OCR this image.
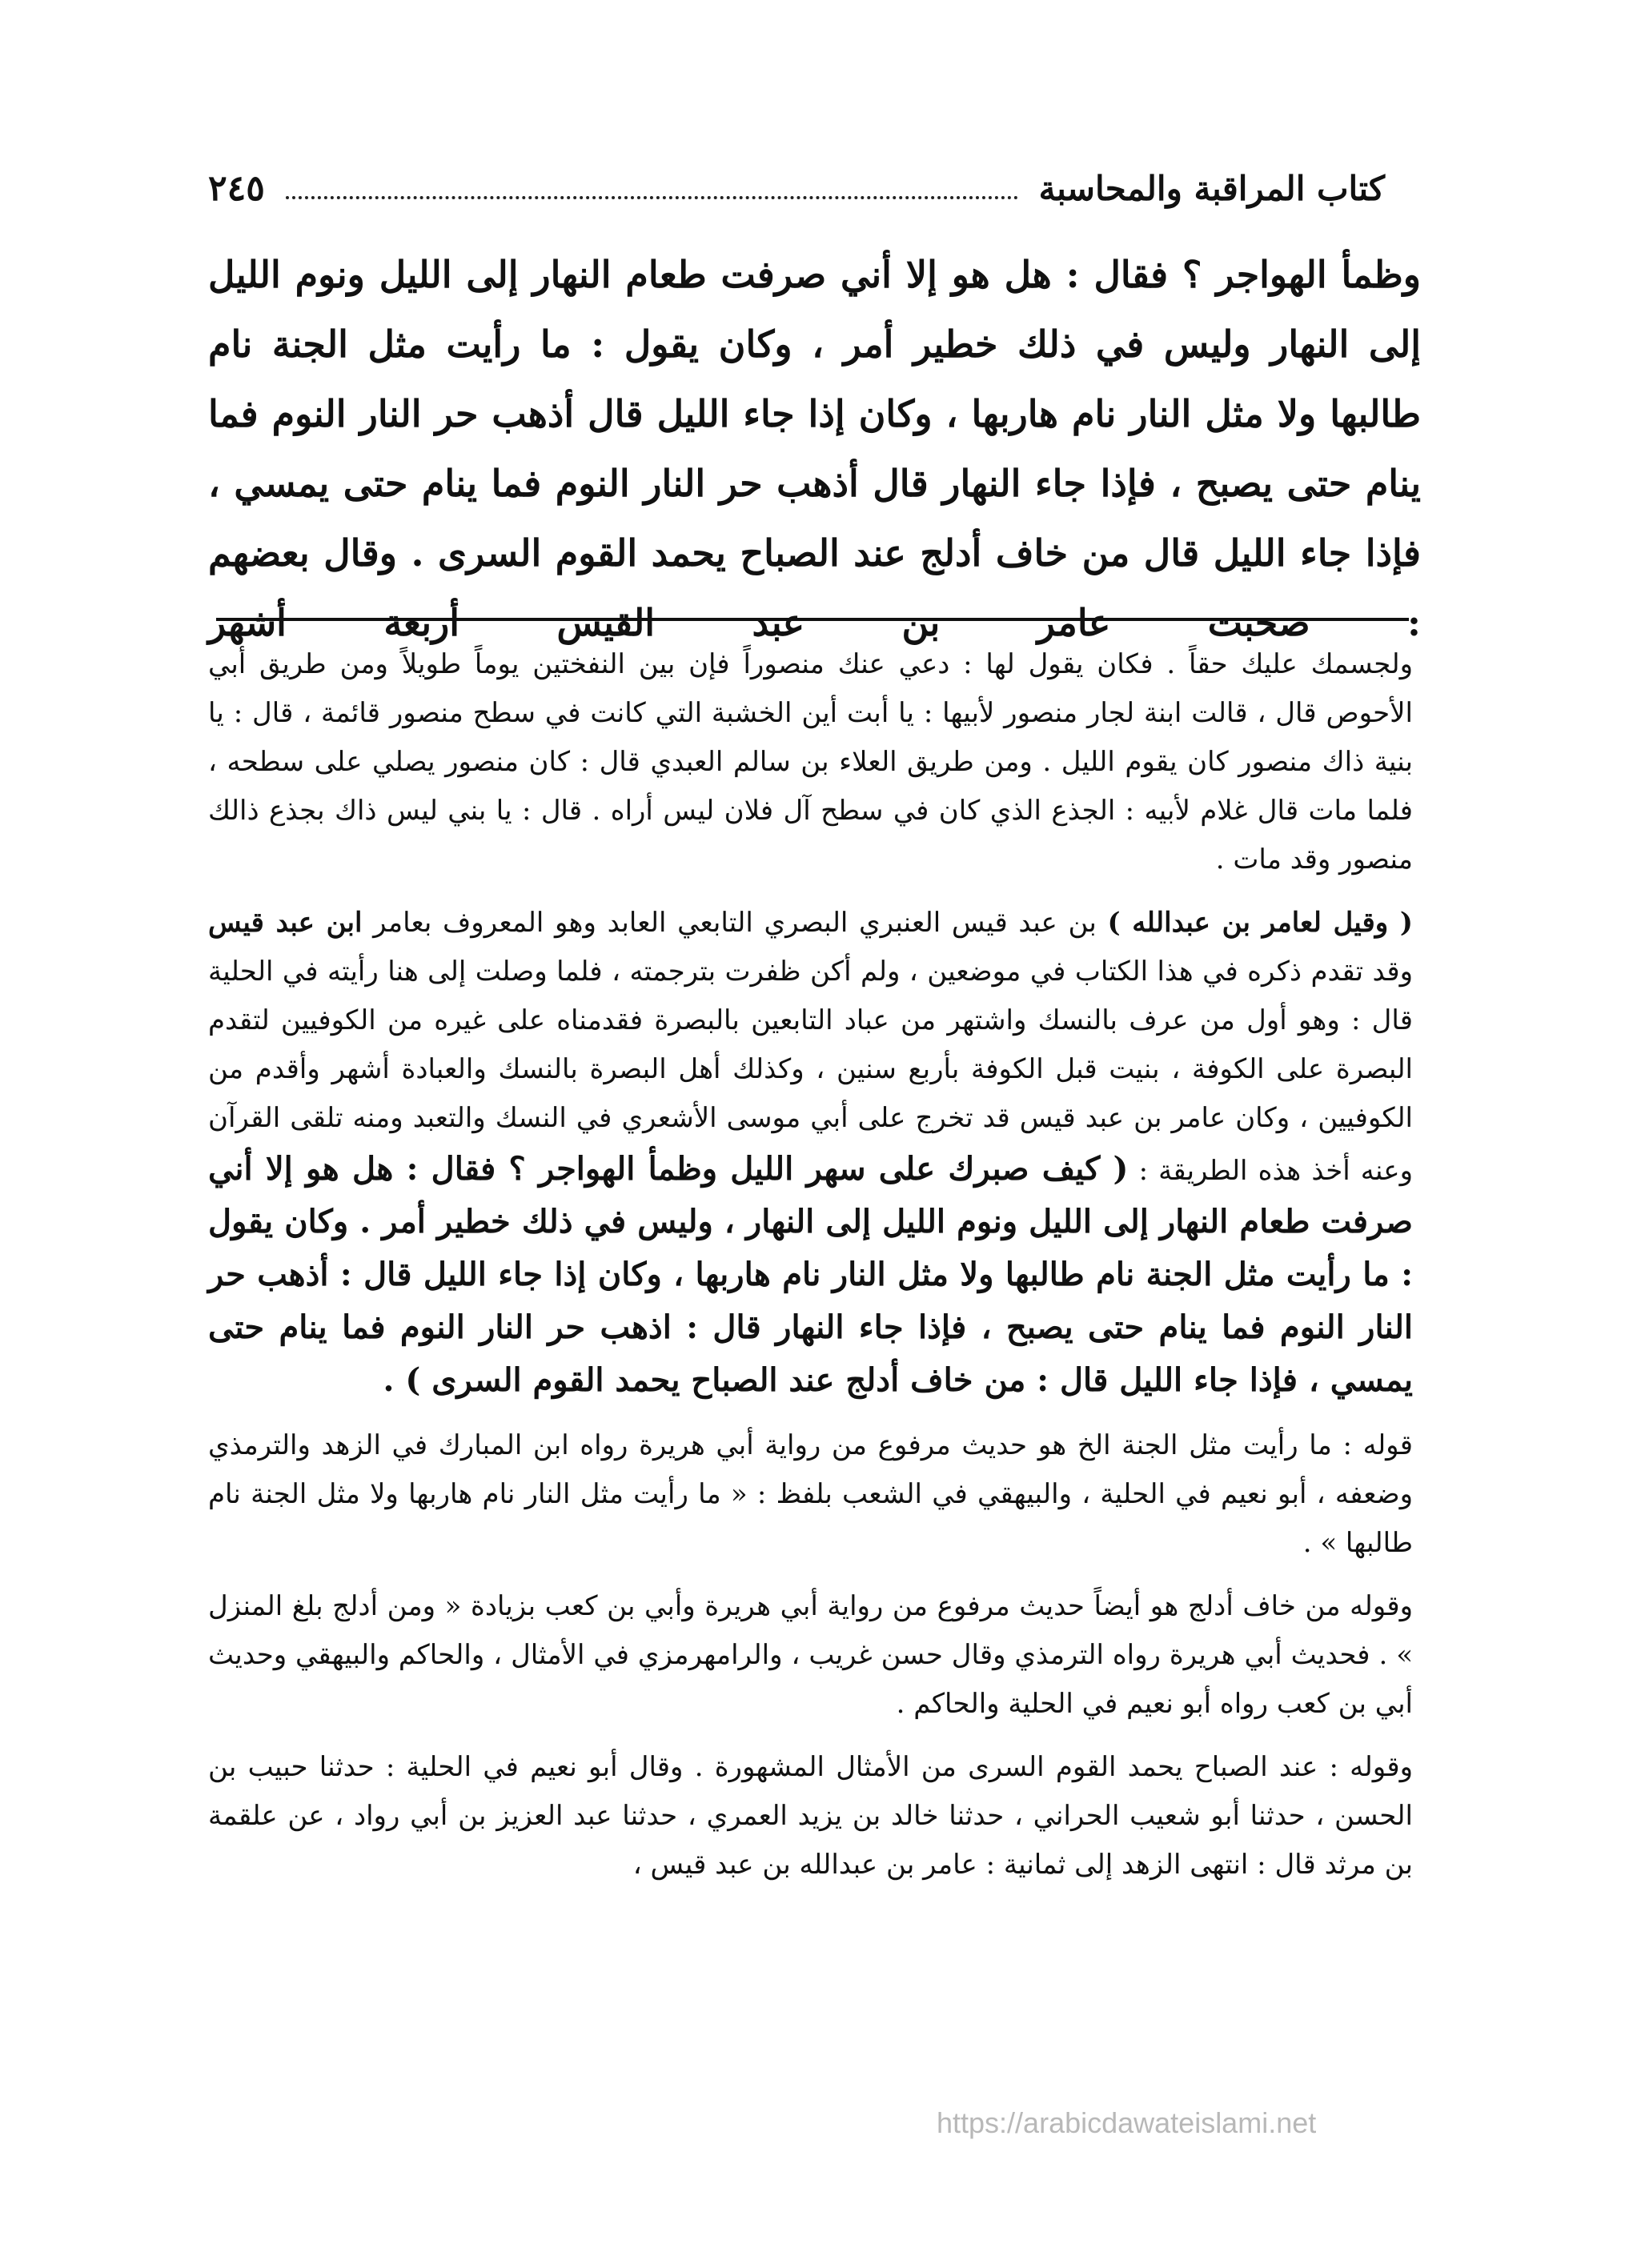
كتاب المراقبة والمحاسبة
٢٤٥

وظمأ الهواجر ؟ فقال : هل هو إلا أني صرفت طعام النهار إلى الليل ونوم الليل إلى النهار وليس في ذلك خطير أمر ، وكان يقول : ما رأيت مثل الجنة نام طالبها ولا مثل النار نام هاربها ، وكان إذا جاء الليل قال أذهب حر النار النوم فما ينام حتى يصبح ، فإذا جاء النهار قال أذهب حر النار النوم فما ينام حتى يمسي ، فإذا جاء الليل قال من خاف أدلج عند الصباح يحمد القوم السرى . وقال بعضهم : صحبت عامر بن عبد القيس أربعة أشهر

ولجسمك عليك حقاً . فكان يقول لها : دعي عنك منصوراً فإن بين النفختين يوماً طويلاً ومن طريق أبي الأحوص قال ، قالت ابنة لجار منصور لأبيها : يا أبت أين الخشبة التي كانت في سطح منصور قائمة ، قال : يا بنية ذاك منصور كان يقوم الليل . ومن طريق العلاء بن سالم العبدي قال : كان منصور يصلي على سطحه ، فلما مات قال غلام لأبيه : الجذع الذي كان في سطح آل فلان ليس أراه . قال : يا بني ليس ذاك بجذع ذالك منصور وقد مات .

( وقيل لعامر بن عبدالله ) بن عبد قيس العنبري البصري التابعي العابد وهو المعروف بعامر ابن عبد قيس وقد تقدم ذكره في هذا الكتاب في موضعين ، ولم أكن ظفرت بترجمته ، فلما وصلت إلى هنا رأيته في الحلية قال : وهو أول من عرف بالنسك واشتهر من عباد التابعين بالبصرة فقدمناه على غيره من الكوفيين لتقدم البصرة على الكوفة ، بنيت قبل الكوفة بأربع سنين ، وكذلك أهل البصرة بالنسك والعبادة أشهر وأقدم من الكوفيين ، وكان عامر بن عبد قيس قد تخرج على أبي موسى الأشعري في النسك والتعبد ومنه تلقى القرآن وعنه أخذ هذه الطريقة : ( كيف صبرك على سهر الليل وظمأ الهواجر ؟ فقال : هل هو إلا أني صرفت طعام النهار إلى الليل ونوم الليل إلى النهار ، وليس في ذلك خطير أمر . وكان يقول : ما رأيت مثل الجنة نام طالبها ولا مثل النار نام هاربها ، وكان إذا جاء الليل قال : أذهب حر النار النوم فما ينام حتى يصبح ، فإذا جاء النهار قال : اذهب حر النار النوم فما ينام حتى يمسي ، فإذا جاء الليل قال : من خاف أدلج عند الصباح يحمد القوم السرى ) .

قوله : ما رأيت مثل الجنة الخ هو حديث مرفوع من رواية أبي هريرة رواه ابن المبارك في الزهد والترمذي وضعفه ، أبو نعيم في الحلية ، والبيهقي في الشعب بلفظ : « ما رأيت مثل النار نام هاربها ولا مثل الجنة نام طالبها » .

وقوله من خاف أدلج هو أيضاً حديث مرفوع من رواية أبي هريرة وأبي بن كعب بزيادة « ومن أدلج بلغ المنزل » . فحديث أبي هريرة رواه الترمذي وقال حسن غريب ، والرامهرمزي في الأمثال ، والحاكم والبيهقي وحديث أبي بن كعب رواه أبو نعيم في الحلية والحاكم .

وقوله : عند الصباح يحمد القوم السرى من الأمثال المشهورة . وقال أبو نعيم في الحلية : حدثنا حبيب بن الحسن ، حدثنا أبو شعيب الحراني ، حدثنا خالد بن يزيد العمري ، حدثنا عبد العزيز بن أبي رواد ، عن علقمة بن مرثد قال : انتهى الزهد إلى ثمانية : عامر بن عبدالله بن عبد قيس ،

https://arabicdawateislami.net
